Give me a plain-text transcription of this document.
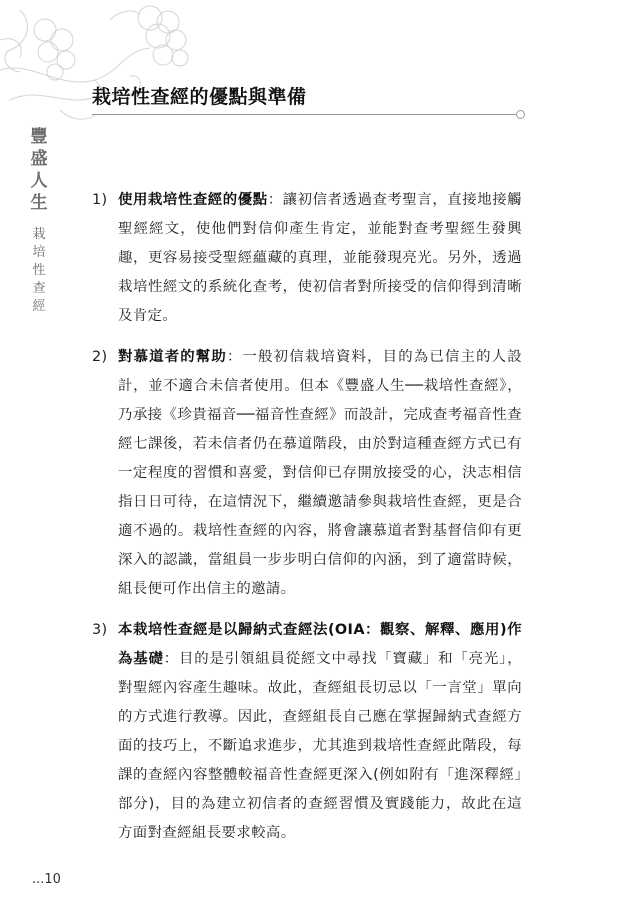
豐
盛
人
生
栽
培
性
查
經
栽培性查經的優點與準備
1) 使用栽培性查經的優點：讓初信者透過查考聖言，直接地接觸聖經經文，使他們對信仰產生肯定，並能對查考聖經生發興趣，更容易接受聖經蘊藏的真理，並能發現亮光。另外，透過栽培性經文的系統化查考，使初信者對所接受的信仰得到清晰及肯定。
2) 對慕道者的幫助：一般初信栽培資料，目的為已信主的人設計，並不適合未信者使用。但本《豐盛人生──栽培性查經》，乃承接《珍貴福音──福音性查經》而設計，完成查考福音性查經七課後，若未信者仍在慕道階段，由於對這種查經方式已有一定程度的習慣和喜愛，對信仰已存開放接受的心，決志相信指日日可待，在這情況下，繼續邀請參與栽培性查經，更是合適不過的。栽培性查經的內容，將會讓慕道者對基督信仰有更深入的認識，當組員一步步明白信仰的內涵，到了適當時候，組長便可作出信主的邀請。
3) 本栽培性查經是以歸納式查經法(OIA：觀察、解釋、應用)作為基礎：目的是引領組員從經文中尋找「寶藏」和「亮光」，對聖經內容產生趣味。故此，查經組長切忌以「一言堂」單向的方式進行教導。因此，查經組長自己應在掌握歸納式查經方面的技巧上，不斷追求進步，尤其進到栽培性查經此階段，每課的查經內容整體較福音性查經更深入(例如附有「進深釋經」部分)，目的為建立初信者的查經習慣及實踐能力，故此在這方面對查經組長要求較高。
...10
